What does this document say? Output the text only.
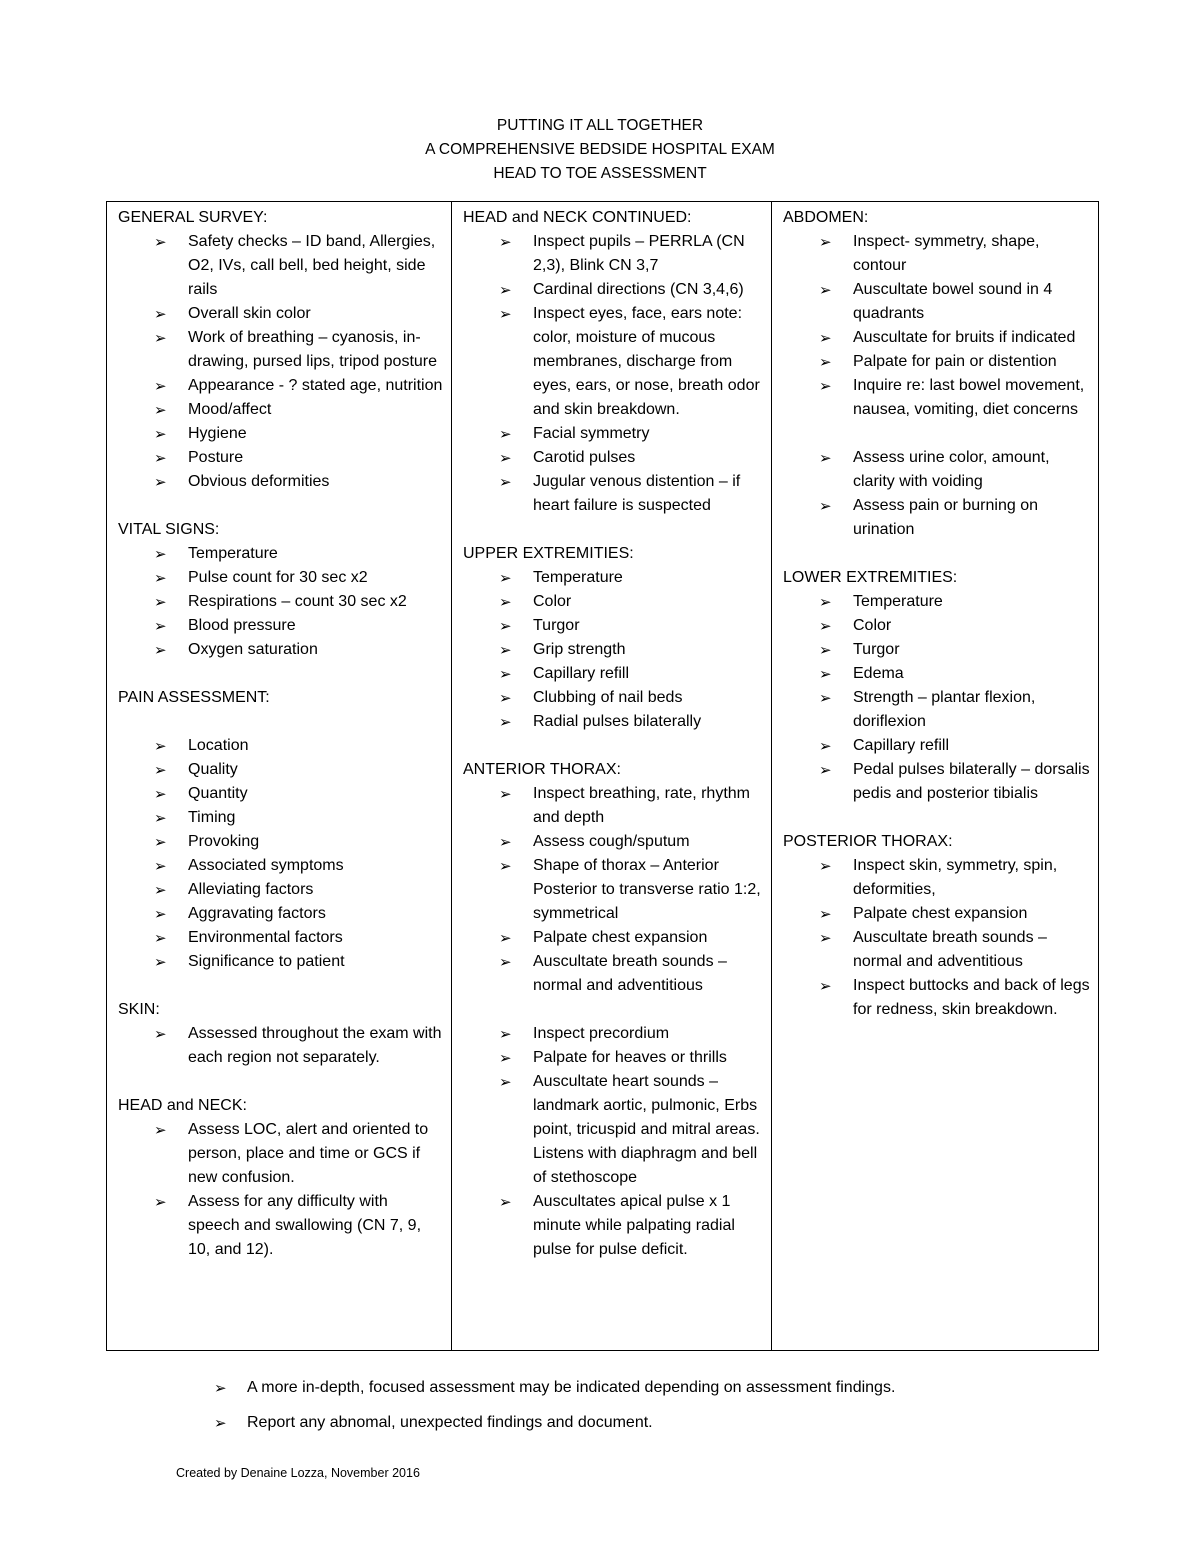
PUTTING IT ALL TOGETHER
A COMPREHENSIVE BEDSIDE HOSPITAL EXAM
HEAD TO TOE ASSESSMENT
GENERAL SURVEY:
➢ Safety checks – ID band, Allergies, O2, IVs, call bell, bed height, side rails
➢ Overall skin color
➢ Work of breathing – cyanosis, in-drawing, pursed lips, tripod posture
➢ Appearance - ? stated age, nutrition
➢ Mood/affect
➢ Hygiene
➢ Posture
➢ Obvious deformities
VITAL SIGNS:
➢ Temperature
➢ Pulse count for 30 sec x2
➢ Respirations – count 30 sec x2
➢ Blood pressure
➢ Oxygen saturation
PAIN ASSESSMENT:
➢ Location
➢ Quality
➢ Quantity
➢ Timing
➢ Provoking
➢ Associated symptoms
➢ Alleviating factors
➢ Aggravating factors
➢ Environmental factors
➢ Significance to patient
SKIN:
➢ Assessed throughout the exam with each region not separately.
HEAD and NECK:
➢ Assess LOC, alert and oriented to person, place and time or GCS if new confusion.
➢ Assess for any difficulty with speech and swallowing (CN 7, 9, 10, and 12).

HEAD and NECK CONTINUED:
➢ Inspect pupils – PERRLA (CN 2,3), Blink CN 3,7
➢ Cardinal directions (CN 3,4,6)
➢ Inspect eyes, face, ears note: color, moisture of mucous membranes, discharge from eyes, ears, or nose, breath odor and skin breakdown.
➢ Facial symmetry
➢ Carotid pulses
➢ Jugular venous distention – if heart failure is suspected
UPPER EXTREMITIES:
➢ Temperature
➢ Color
➢ Turgor
➢ Grip strength
➢ Capillary refill
➢ Clubbing of nail beds
➢ Radial pulses bilaterally
ANTERIOR THORAX:
➢ Inspect breathing, rate, rhythm and depth
➢ Assess cough/sputum
➢ Shape of thorax – Anterior Posterior to transverse ratio 1:2, symmetrical
➢ Palpate chest expansion
➢ Auscultate breath sounds – normal and adventitious
➢ Inspect precordium
➢ Palpate for heaves or thrills
➢ Auscultate heart sounds – landmark aortic, pulmonic, Erbs point, tricuspid and mitral areas. Listens with diaphragm and bell of stethoscope
➢ Auscultates apical pulse x 1 minute while palpating radial pulse for pulse deficit.

ABDOMEN:
➢ Inspect- symmetry, shape, contour
➢ Auscultate bowel sound in 4 quadrants
➢ Auscultate for bruits if indicated
➢ Palpate for pain or distention
➢ Inquire re: last bowel movement, nausea, vomiting, diet concerns
➢ Assess urine color, amount, clarity with voiding
➢ Assess pain or burning on urination
LOWER EXTREMITIES:
➢ Temperature
➢ Color
➢ Turgor
➢ Edema
➢ Strength – plantar flexion, doriflexion
➢ Capillary refill
➢ Pedal pulses bilaterally – dorsalis pedis and posterior tibialis
POSTERIOR THORAX:
➢ Inspect skin, symmetry, spin, deformities,
➢ Palpate chest expansion
➢ Auscultate breath sounds – normal and adventitious
➢ Inspect buttocks and back of legs for redness, skin breakdown.
➢ A more in-depth, focused assessment may be indicated depending on assessment findings.
➢ Report any abnomal, unexpected findings and document.
Created by Denaine Lozza, November 2016
